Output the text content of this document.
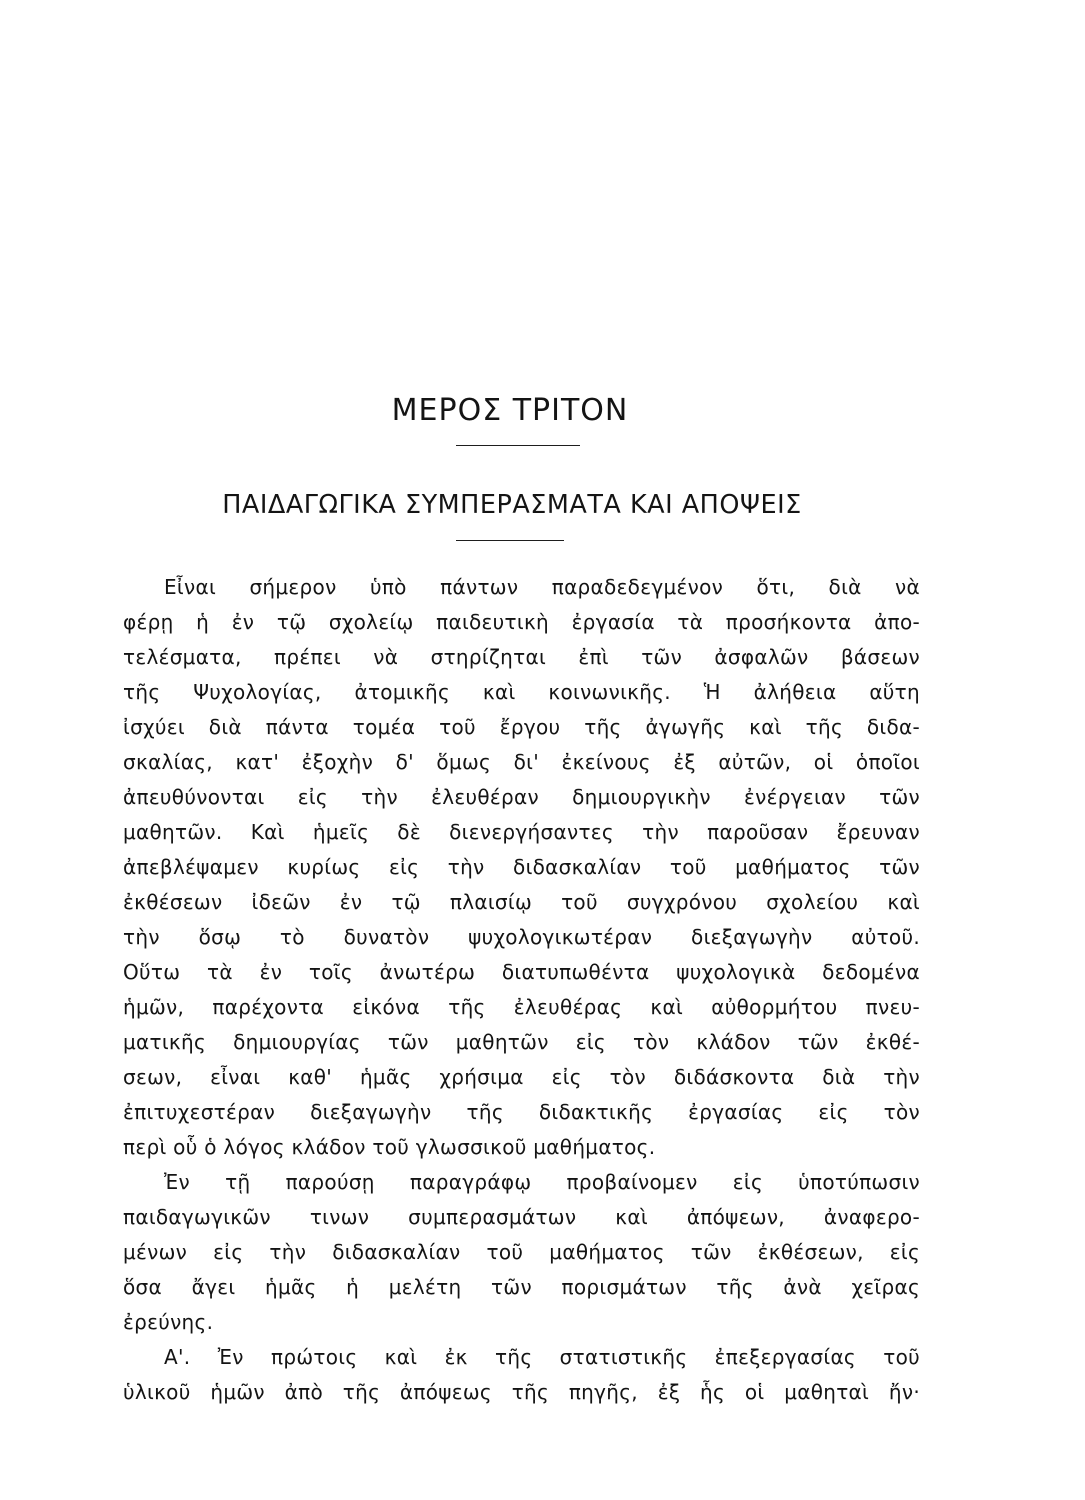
ΜΕΡΟΣ ΤΡΙΤΟΝ
ΠΑΙΔΑΓΩΓΙΚΑ ΣΥΜΠΕΡΑΣΜΑΤΑ ΚΑΙ ΑΠΟΨΕΙΣ
Εἶναι σήμερον ὑπὸ πάντων παραδεδεγμένον ὅτι, διὰ νὰ
φέρῃ ἡ ἐν τῷ σχολείῳ παιδευτικὴ ἐργασία τὰ προσήκοντα ἀπο-
τελέσματα, πρέπει νὰ στηρίζηται ἐπὶ τῶν ἀσφαλῶν βάσεων
τῆς Ψυχολογίας, ἀτομικῆς καὶ κοινωνικῆς. Ἡ ἀλήθεια αὕτη
ἰσχύει διὰ πάντα τομέα τοῦ ἔργου τῆς ἀγωγῆς καὶ τῆς διδα-
σκαλίας, κατ' ἐξοχὴν δ' ὅμως δι' ἐκείνους ἐξ αὐτῶν, οἱ ὁποῖοι
ἀπευθύνονται εἰς τὴν ἐλευθέραν δημιουργικὴν ἐνέργειαν τῶν
μαθητῶν. Καὶ ἡμεῖς δὲ διενεργήσαντες τὴν παροῦσαν ἔρευναν
ἀπεβλέψαμεν κυρίως εἰς τὴν διδασκαλίαν τοῦ μαθήματος τῶν
ἐκθέσεων ἰδεῶν ἐν τῷ πλαισίῳ τοῦ συγχρόνου σχολείου καὶ
τὴν ὅσῳ τὸ δυνατὸν ψυχολογικωτέραν διεξαγωγὴν αὐτοῦ.
Οὕτω τὰ ἐν τοῖς ἀνωτέρω διατυπωθέντα ψυχολογικὰ δεδομένα
ἡμῶν, παρέχοντα εἰκόνα τῆς ἐλευθέρας καὶ αὐθορμήτου πνευ-
ματικῆς δημιουργίας τῶν μαθητῶν εἰς τὸν κλάδον τῶν ἐκθέ-
σεων, εἶναι καθ' ἡμᾶς χρήσιμα εἰς τὸν διδάσκοντα διὰ τὴν
ἐπιτυχεστέραν διεξαγωγὴν τῆς διδακτικῆς ἐργασίας εἰς τὸν
περὶ οὗ ὁ λόγος κλάδον τοῦ γλωσσικοῦ μαθήματος.
Ἐν τῇ παρούσῃ παραγράφῳ προβαίνομεν εἰς ὑποτύπωσιν
παιδαγωγικῶν τινων συμπερασμάτων καὶ ἀπόψεων, ἀναφερο-
μένων εἰς τὴν διδασκαλίαν τοῦ μαθήματος τῶν ἐκθέσεων, εἰς
ὅσα ἄγει ἡμᾶς ἡ μελέτη τῶν πορισμάτων τῆς ἀνὰ χεῖρας
ἐρεύνης.
Α'. Ἐν πρώτοις καὶ ἐκ τῆς στατιστικῆς ἐπεξεργασίας τοῦ
ὑλικοῦ ἡμῶν ἀπὸ τῆς ἀπόψεως τῆς πηγῆς, ἐξ ἧς οἱ μαθηταὶ ἤν·
